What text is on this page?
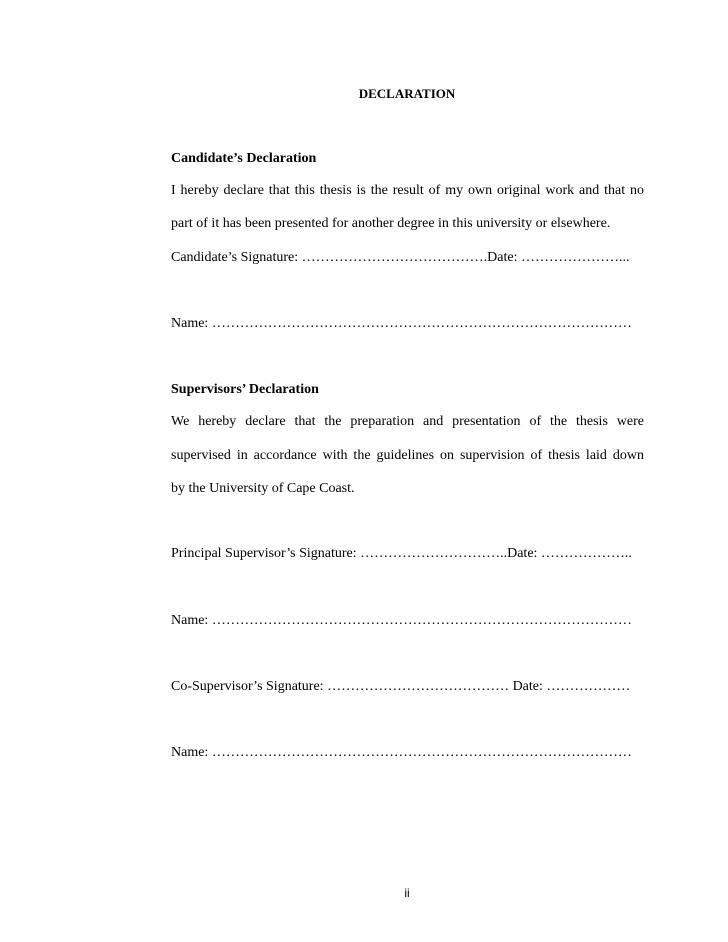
DECLARATION

Candidate’s Declaration

I hereby declare that this thesis is the result of my own original work and that no

part of it has been presented for another degree in this university or elsewhere.

Candidate’s Signature: ………………………………….Date: …………………...

Name: ………………………………………………………………………………

Supervisors’ Declaration

We hereby declare that the preparation and presentation of the thesis were

supervised in accordance with the guidelines on supervision of thesis laid down

by the University of Cape Coast.

Principal Supervisor’s Signature: …………………………..Date: ………………..

Name: ………………………………………………………………………………

Co-Supervisor’s Signature: ………………………………… Date: ………………

Name: ………………………………………………………………………………

ii
